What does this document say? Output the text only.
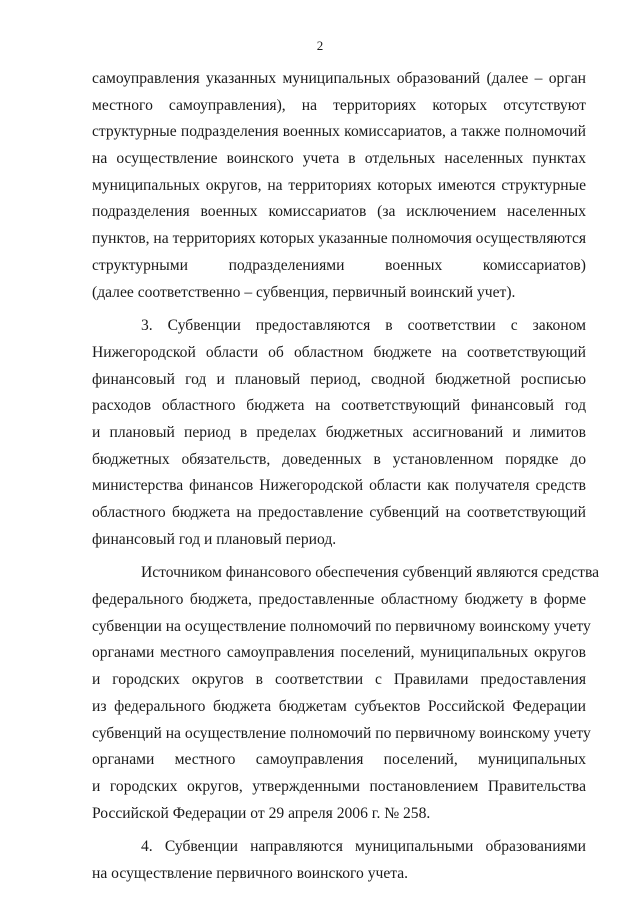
2
самоуправления указанных муниципальных образований (далее – орган
местного самоуправления), на территориях которых отсутствуют
структурные подразделения военных комиссариатов, а также полномочий
на осуществление воинского учета в отдельных населенных пунктах
муниципальных округов, на территориях которых имеются структурные
подразделения военных комиссариатов (за исключением населенных
пунктов, на территориях которых указанные полномочия осуществляются
структурными подразделениями военных комиссариатов)
(далее соответственно – субвенция, первичный воинский учет).
3. Субвенции предоставляются в соответствии с законом
Нижегородской области об областном бюджете на соответствующий
финансовый год и плановый период, сводной бюджетной росписью
расходов областного бюджета на соответствующий финансовый год
и плановый период в пределах бюджетных ассигнований и лимитов
бюджетных обязательств, доведенных в установленном порядке до
министерства финансов Нижегородской области как получателя средств
областного бюджета на предоставление субвенций на соответствующий
финансовый год и плановый период.
Источником финансового обеспечения субвенций являются средства
федерального бюджета, предоставленные областному бюджету в форме
субвенции на осуществление полномочий по первичному воинскому учету
органами местного самоуправления поселений, муниципальных округов
и городских округов в соответствии с Правилами предоставления
из федерального бюджета бюджетам субъектов Российской Федерации
субвенций на осуществление полномочий по первичному воинскому учету
органами местного самоуправления поселений, муниципальных
и городских округов, утвержденными постановлением Правительства
Российской Федерации от 29 апреля 2006 г. № 258.
4. Субвенции направляются муниципальными образованиями
на осуществление первичного воинского учета.
